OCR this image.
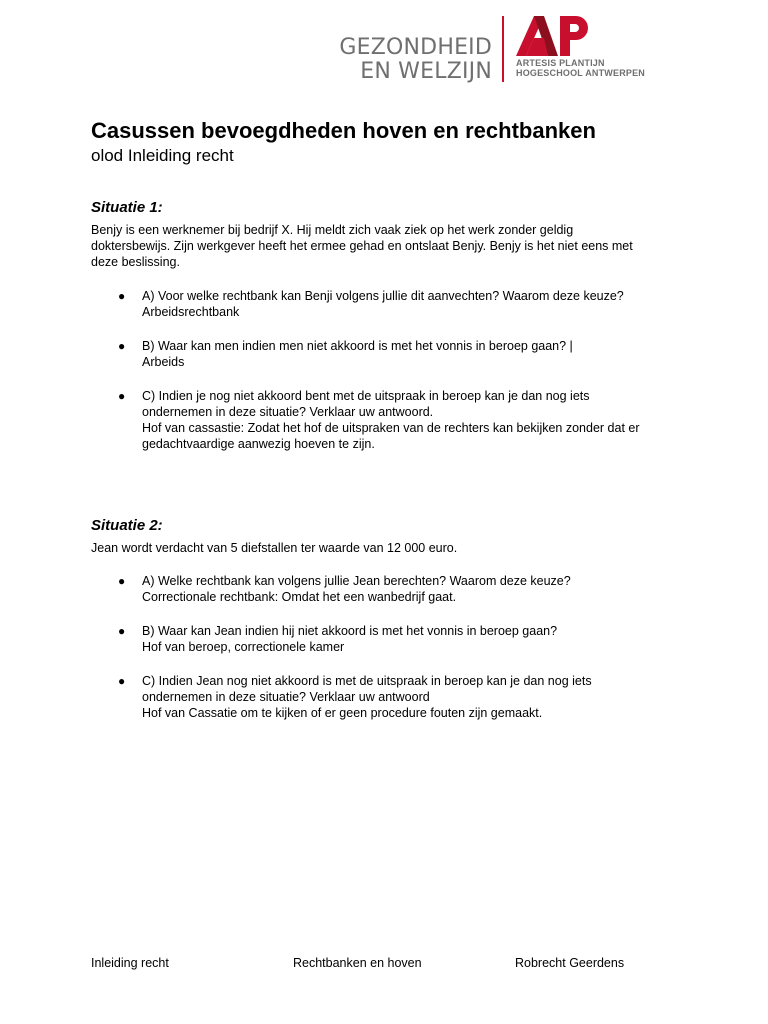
GEZONDHEID
EN WELZIJN	ARTESIS PLANTIJN
HOGESCHOOL ANTWERPEN
Casussen bevoegdheden hoven en rechtbanken
olod Inleiding recht
Situatie 1:
Benjy is een werknemer bij bedrijf X. Hij meldt zich vaak ziek op het werk zonder geldig
doktersbewijs. Zijn werkgever heeft het ermee gehad en ontslaat Benjy. Benjy is het niet eens met
deze beslissing.
● A) Voor welke rechtbank kan Benji volgens jullie dit aanvechten? Waarom deze keuze?
Arbeidsrechtbank
● B) Waar kan men indien men niet akkoord is met het vonnis in beroep gaan? |
Arbeids
● C) Indien je nog niet akkoord bent met de uitspraak in beroep kan je dan nog iets
ondernemen in deze situatie? Verklaar uw antwoord.
Hof van cassastie: Zodat het hof de uitspraken van de rechters kan bekijken zonder dat er
gedachtvaardige aanwezig hoeven te zijn.
Situatie 2:
Jean wordt verdacht van 5 diefstallen ter waarde van 12 000 euro.
● A) Welke rechtbank kan volgens jullie Jean berechten? Waarom deze keuze?
Correctionale rechtbank: Omdat het een wanbedrijf gaat.
● B) Waar kan Jean indien hij niet akkoord is met het vonnis in beroep gaan?
Hof van beroep, correctionele kamer
● C) Indien Jean nog niet akkoord is met de uitspraak in beroep kan je dan nog iets
ondernemen in deze situatie? Verklaar uw antwoord
Hof van Cassatie om te kijken of er geen procedure fouten zijn gemaakt.
Inleiding recht	Rechtbanken en hoven	Robrecht Geerdens
